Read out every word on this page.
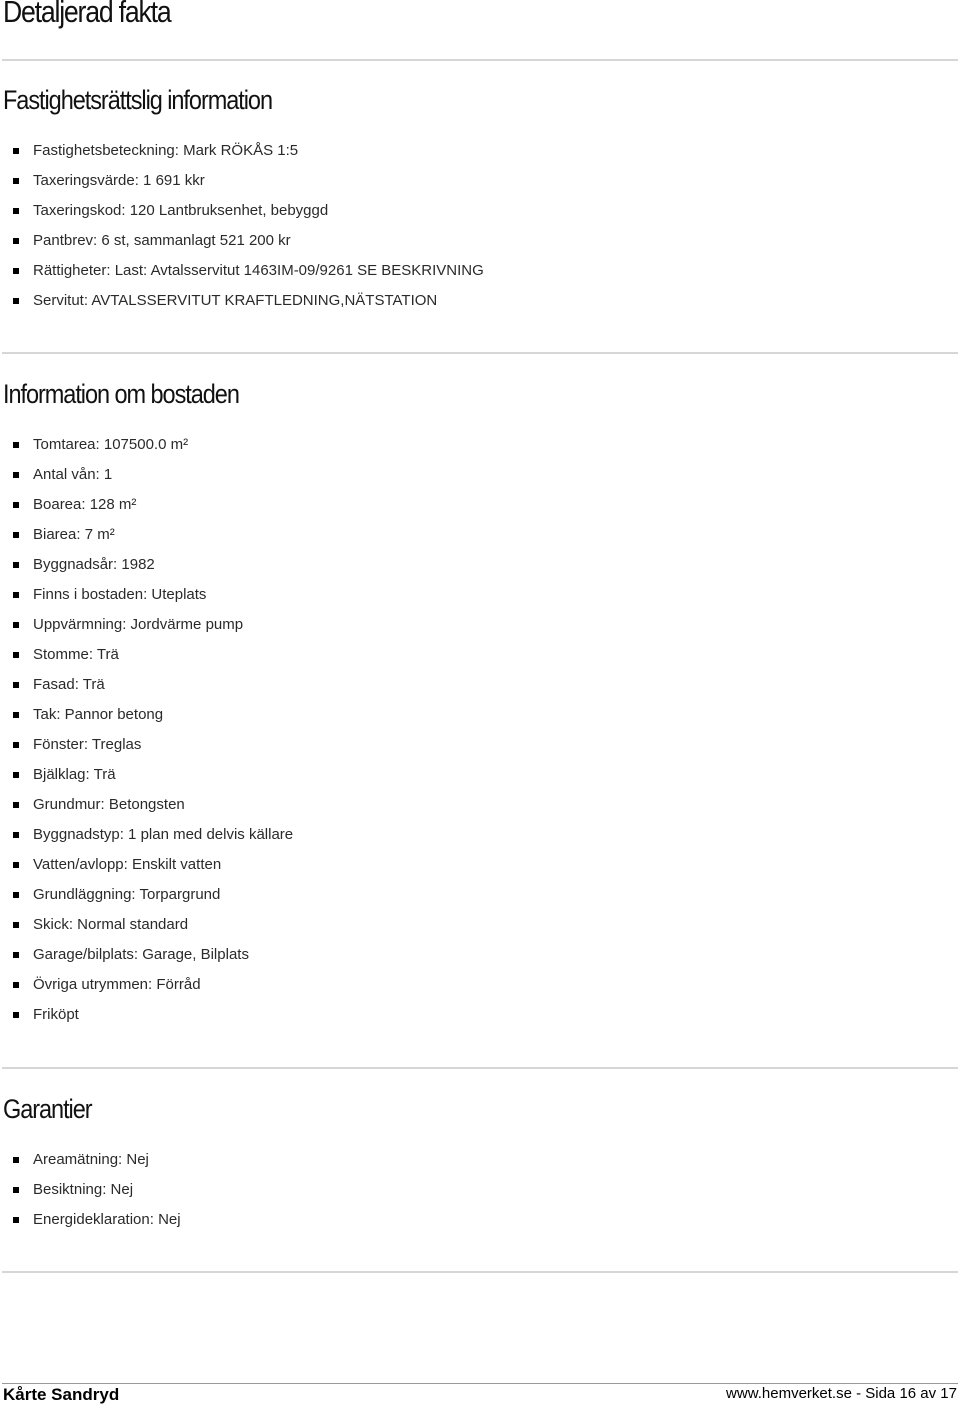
Detaljerad fakta
Fastighetsrättslig information
Fastighetsbeteckning: Mark RÖKÅS 1:5
Taxeringsvärde: 1 691 kkr
Taxeringskod: 120 Lantbruksenhet, bebyggd
Pantbrev: 6 st, sammanlagt 521 200 kr
Rättigheter: Last: Avtalsservitut 1463IM-09/9261 SE BESKRIVNING
Servitut: AVTALSSERVITUT KRAFTLEDNING,NÄTSTATION
Information om bostaden
Tomtarea: 107500.0 m²
Antal vån: 1
Boarea: 128 m²
Biarea: 7 m²
Byggnadsår: 1982
Finns i bostaden: Uteplats
Uppvärmning: Jordvärme pump
Stomme: Trä
Fasad: Trä
Tak: Pannor betong
Fönster: Treglas
Bjälklag: Trä
Grundmur: Betongsten
Byggnadstyp: 1 plan med delvis källare
Vatten/avlopp: Enskilt vatten
Grundläggning: Torpargrund
Skick: Normal standard
Garage/bilplats: Garage, Bilplats
Övriga utrymmen: Förråd
Friköpt
Garantier
Areamätning: Nej
Besiktning: Nej
Energideklaration: Nej
Kårte Sandryd	www.hemverket.se - Sida 16 av 17
